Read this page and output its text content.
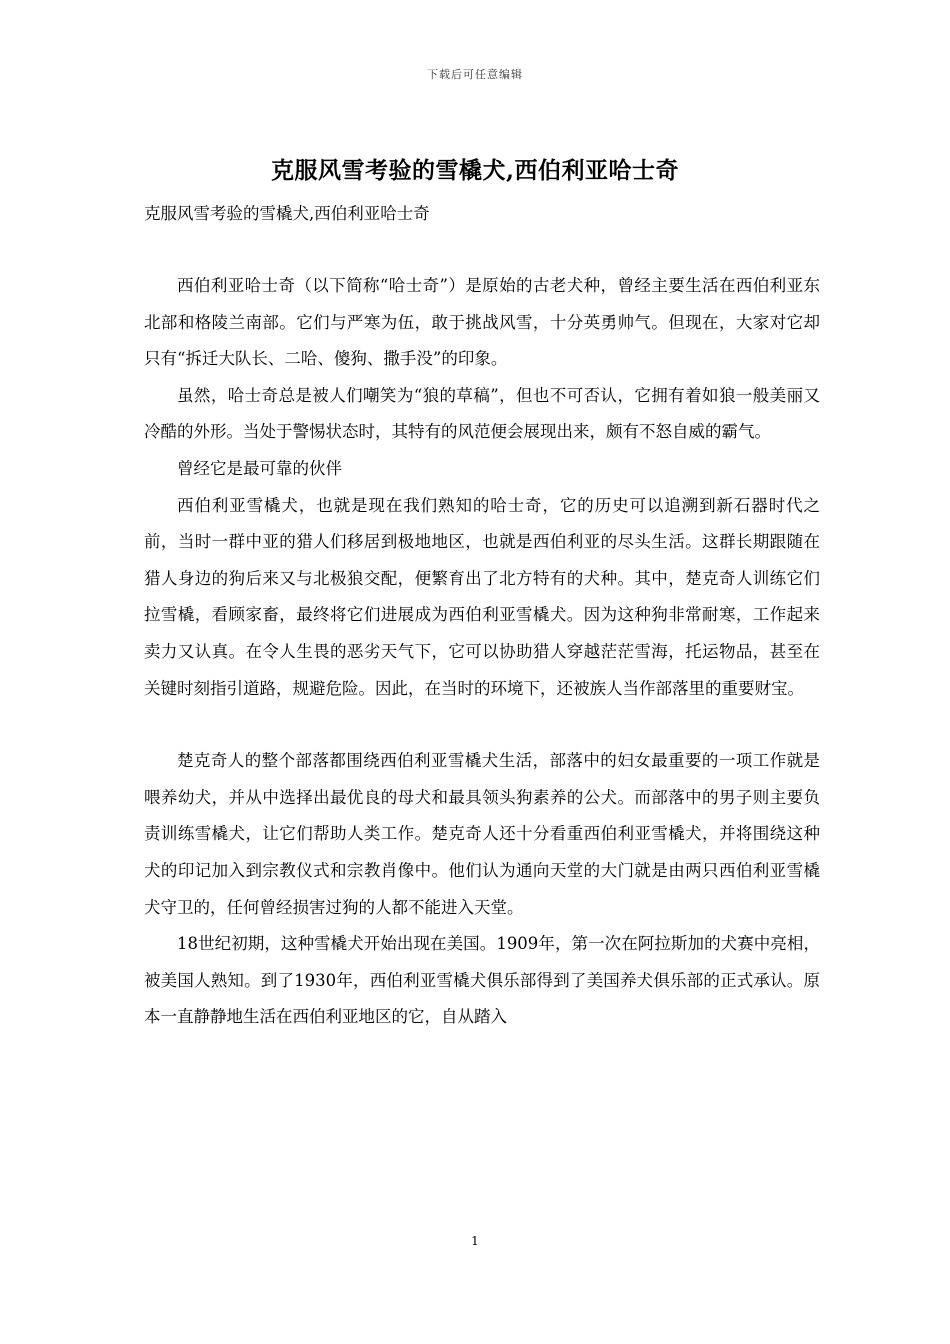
下载后可任意编辑
克服风雪考验的雪橇犬,西伯利亚哈士奇
克服风雪考验的雪橇犬,西伯利亚哈士奇

西伯利亚哈士奇（以下简称“哈士奇”）是原始的古老犬种，曾经主要生活在西伯利亚东北部和格陵兰南部。它们与严寒为伍，敢于挑战风雪，十分英勇帅气。但现在，大家对它却只有“拆迁大队长、二哈、傻狗、撒手没”的印象。

虽然，哈士奇总是被人们嘲笑为“狼的草稿”，但也不可否认，它拥有着如狼一般美丽又冷酷的外形。当处于警惕状态时，其特有的风范便会展现出来，颇有不怒自威的霸气。

曾经它是最可靠的伙伴

西伯利亚雪橇犬，也就是现在我们熟知的哈士奇，它的历史可以追溯到新石器时代之前，当时一群中亚的猎人们移居到极地地区，也就是西伯利亚的尽头生活。这群长期跟随在猎人身边的狗后来又与北极狼交配，便繁育出了北方特有的犬种。其中，楚克奇人训练它们拉雪橇，看顾家畜，最终将它们进展成为西伯利亚雪橇犬。因为这种狗非常耐寒，工作起来卖力又认真。在令人生畏的恶劣天气下，它可以协助猎人穿越茫茫雪海，托运物品，甚至在关键时刻指引道路，规避危险。因此，在当时的环境下，还被族人当作部落里的重要财宝。

楚克奇人的整个部落都围绕西伯利亚雪橇犬生活，部落中的妇女最重要的一项工作就是喂养幼犬，并从中选择出最优良的母犬和最具领头狗素养的公犬。而部落中的男子则主要负责训练雪橇犬，让它们帮助人类工作。楚克奇人还十分看重西伯利亚雪橇犬，并将围绕这种犬的印记加入到宗教仪式和宗教肖像中。他们认为通向天堂的大门就是由两只西伯利亚雪橇犬守卫的，任何曾经损害过狗的人都不能进入天堂。

18世纪初期，这种雪橇犬开始出现在美国。1909年，第一次在阿拉斯加的犬赛中亮相，被美国人熟知。到了1930年，西伯利亚雪橇犬俱乐部得到了美国养犬俱乐部的正式承认。原本一直静静地生活在西伯利亚地区的它，自从踏入

1
